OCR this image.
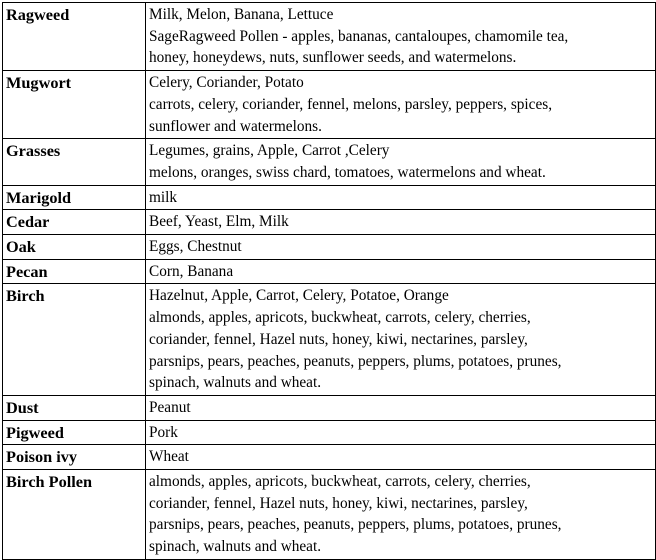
Ragweed	Milk, Melon, Banana, Lettuce
SageRagweed Pollen - apples, bananas, cantaloupes, chamomile tea,
honey, honeydews, nuts, sunflower seeds, and watermelons.

Mugwort	Celery, Coriander, Potato
carrots, celery, coriander, fennel, melons, parsley, peppers, spices,
sunflower and watermelons.

Grasses	Legumes, grains, Apple, Carrot ,Celery
melons, oranges, swiss chard, tomatoes, watermelons and wheat.

Marigold	milk

Cedar	Beef, Yeast, Elm, Milk

Oak	Eggs, Chestnut

Pecan	Corn, Banana

Birch	Hazelnut, Apple, Carrot, Celery, Potatoe, Orange
almonds, apples, apricots, buckwheat, carrots, celery, cherries,
coriander, fennel, Hazel nuts, honey, kiwi, nectarines, parsley,
parsnips, pears, peaches, peanuts, peppers, plums, potatoes, prunes,
spinach, walnuts and wheat.

Dust	Peanut

Pigweed	Pork

Poison ivy	Wheat

Birch Pollen	almonds, apples, apricots, buckwheat, carrots, celery, cherries,
coriander, fennel, Hazel nuts, honey, kiwi, nectarines, parsley,
parsnips, pears, peaches, peanuts, peppers, plums, potatoes, prunes,
spinach, walnuts and wheat.
